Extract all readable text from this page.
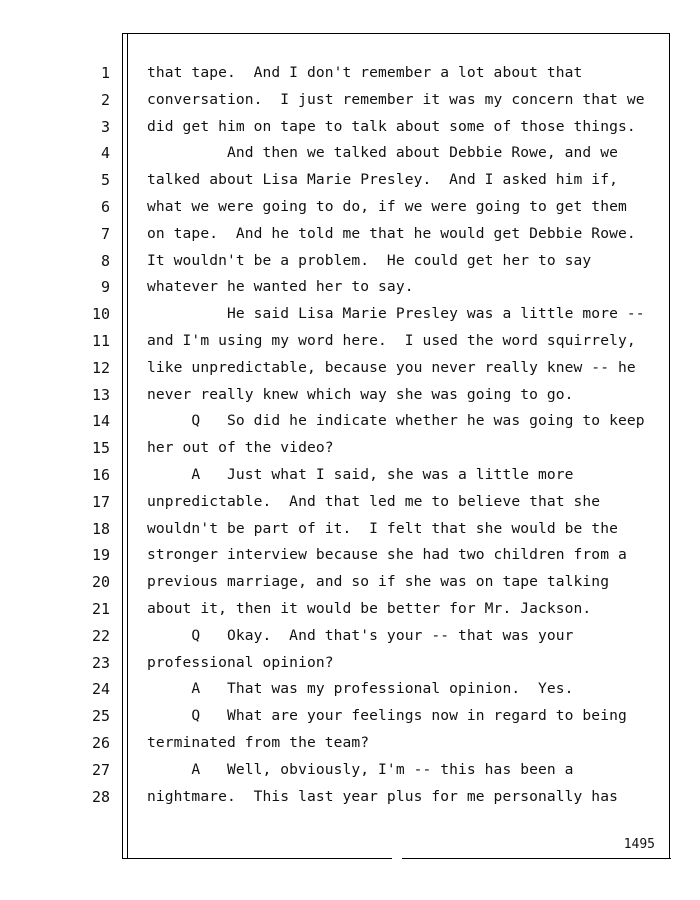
1
2
3
4
5
6
7
8
9
10
11
12
13
14
15
16
17
18
19
20
21
22
23
24
25
26
27
28
that tape.  And I don't remember a lot about that
conversation.  I just remember it was my concern that we
did get him on tape to talk about some of those things.
And then we talked about Debbie Rowe, and we
talked about Lisa Marie Presley.  And I asked him if,
what we were going to do, if we were going to get them
on tape.  And he told me that he would get Debbie Rowe.
It wouldn't be a problem.  He could get her to say
whatever he wanted her to say.
He said Lisa Marie Presley was a little more --
and I'm using my word here.  I used the word squirrely,
like unpredictable, because you never really knew -- he
never really knew which way she was going to go.
Q   So did he indicate whether he was going to keep
her out of the video?
A   Just what I said, she was a little more
unpredictable.  And that led me to believe that she
wouldn't be part of it.  I felt that she would be the
stronger interview because she had two children from a
previous marriage, and so if she was on tape talking
about it, then it would be better for Mr. Jackson.
Q   Okay.  And that's your -- that was your
professional opinion?
A   That was my professional opinion.  Yes.
Q   What are your feelings now in regard to being
terminated from the team?
A   Well, obviously, I'm -- this has been a
nightmare.  This last year plus for me personally has
1495
